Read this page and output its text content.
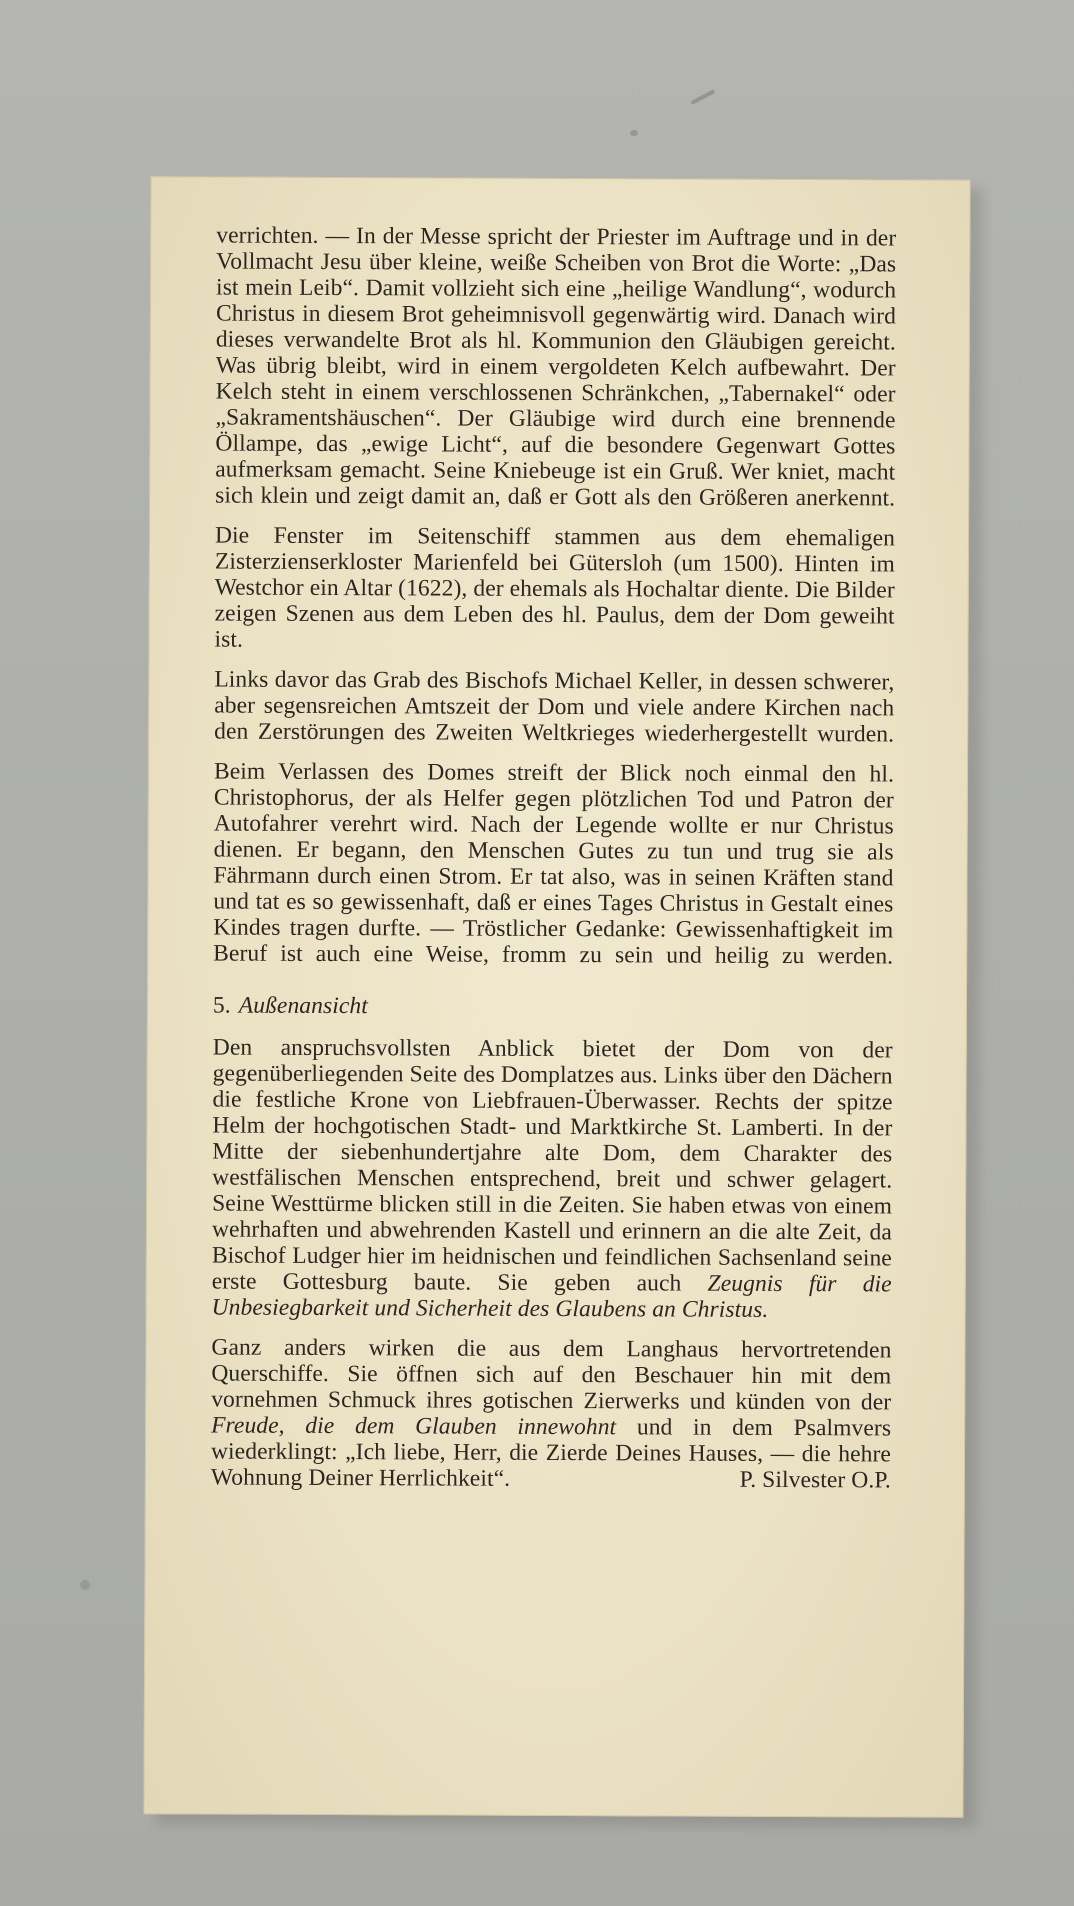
verrichten. — In der Messe spricht der Priester im Auftrage und in der Vollmacht Jesu über kleine, weiße Scheiben von Brot die Worte: „Das ist mein Leib“. Damit vollzieht sich eine „heilige Wandlung“, wodurch Christus in diesem Brot geheimnisvoll gegenwärtig wird. Danach wird dieses verwandelte Brot als hl. Kommunion den Gläubigen gereicht. Was übrig bleibt, wird in einem vergoldeten Kelch aufbewahrt. Der Kelch steht in einem verschlossenen Schränkchen, „Tabernakel“ oder „Sakramentshäuschen“. Der Gläubige wird durch eine brennende Öllampe, das „ewige Licht“, auf die besondere Gegenwart Gottes aufmerksam gemacht. Seine Kniebeuge ist ein Gruß. Wer kniet, macht sich klein und zeigt damit an, daß er Gott als den Größeren anerkennt.

Die Fenster im Seitenschiff stammen aus dem ehemaligen Zisterzienserkloster Marienfeld bei Gütersloh (um 1500). Hinten im Westchor ein Altar (1622), der ehemals als Hochaltar diente. Die Bilder zeigen Szenen aus dem Leben des hl. Paulus, dem der Dom geweiht ist.

Links davor das Grab des Bischofs Michael Keller, in dessen schwerer, aber segensreichen Amtszeit der Dom und viele andere Kirchen nach den Zerstörungen des Zweiten Weltkrieges wiederhergestellt wurden.

Beim Verlassen des Domes streift der Blick noch einmal den hl. Christophorus, der als Helfer gegen plötzlichen Tod und Patron der Autofahrer verehrt wird. Nach der Legende wollte er nur Christus dienen. Er begann, den Menschen Gutes zu tun und trug sie als Fährmann durch einen Strom. Er tat also, was in seinen Kräften stand und tat es so gewissenhaft, daß er eines Tages Christus in Gestalt eines Kindes tragen durfte. — Tröstlicher Gedanke: Gewissenhaftigkeit im Beruf ist auch eine Weise, fromm zu sein und heilig zu werden.

5. Außenansicht

Den anspruchsvollsten Anblick bietet der Dom von der gegenüberliegenden Seite des Domplatzes aus. Links über den Dächern die festliche Krone von Liebfrauen-Überwasser. Rechts der spitze Helm der hochgotischen Stadt- und Marktkirche St. Lamberti. In der Mitte der siebenhundertjahre alte Dom, dem Charakter des westfälischen Menschen entsprechend, breit und schwer gelagert. Seine Westtürme blicken still in die Zeiten. Sie haben etwas von einem wehrhaften und abwehrenden Kastell und erinnern an die alte Zeit, da Bischof Ludger hier im heidnischen und feindlichen Sachsenland seine erste Gottesburg baute. Sie geben auch Zeugnis für die Unbesiegbarkeit und Sicherheit des Glaubens an Christus.

Ganz anders wirken die aus dem Langhaus hervortretenden Querschiffe. Sie öffnen sich auf den Beschauer hin mit dem vornehmen Schmuck ihres gotischen Zierwerks und künden von der Freude, die dem Glauben innewohnt und in dem Psalmvers wiederklingt: „Ich liebe, Herr, die Zierde Deines Hauses, — die hehre

Wohnung Deiner Herrlichkeit“.	P. Silvester O.P.
